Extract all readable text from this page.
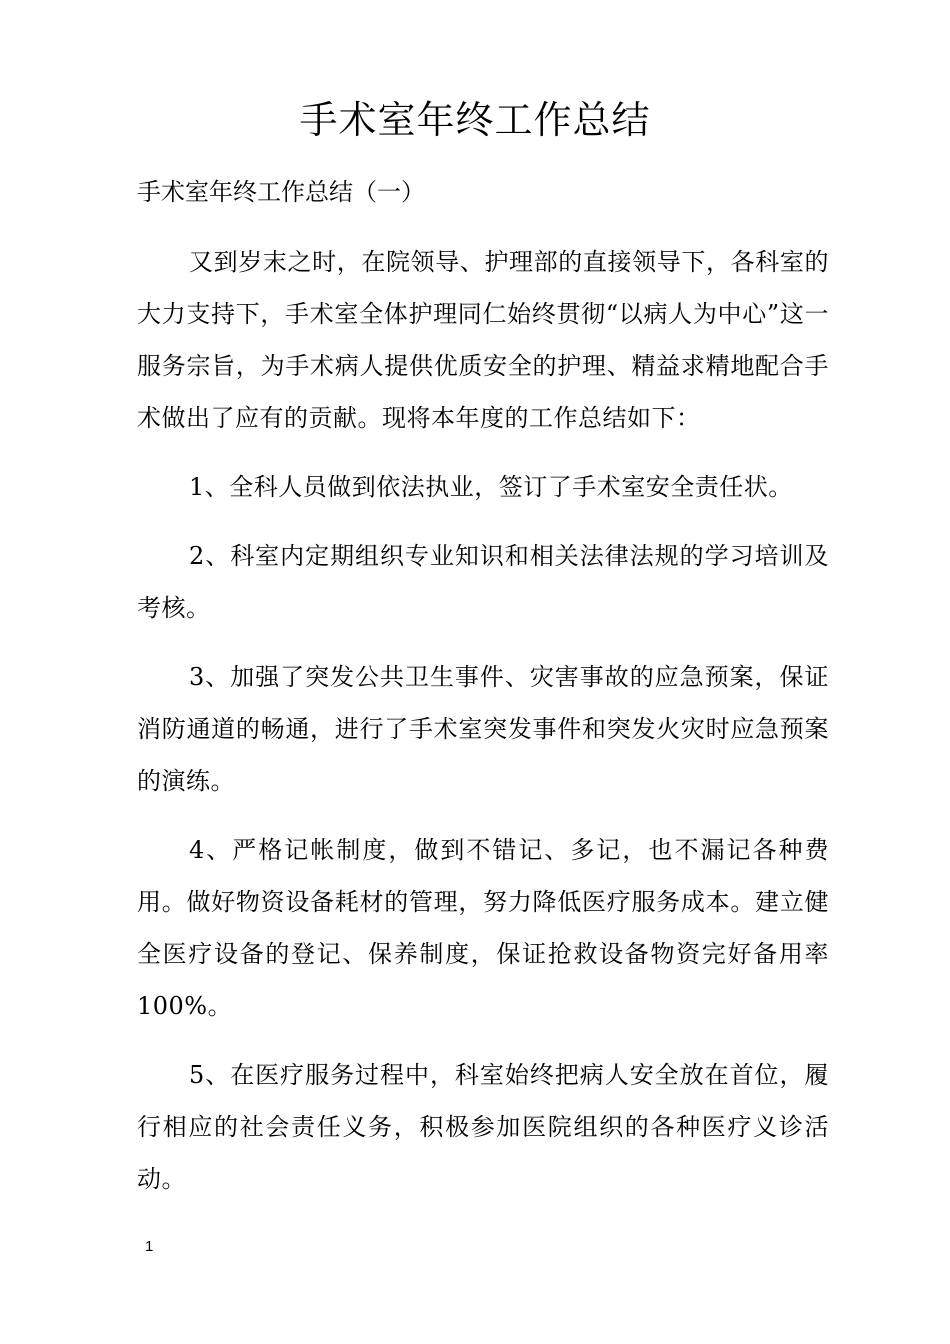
手术室年终工作总结

手术室年终工作总结（一）

又到岁末之时，在院领导、护理部的直接领导下，各科室的大力支持下，手术室全体护理同仁始终贯彻“以病人为中心”这一服务宗旨，为手术病人提供优质安全的护理、精益求精地配合手术做出了应有的贡献。现将本年度的工作总结如下：

1、全科人员做到依法执业，签订了手术室安全责任状。

2、科室内定期组织专业知识和相关法律法规的学习培训及考核。

3、加强了突发公共卫生事件、灾害事故的应急预案，保证消防通道的畅通，进行了手术室突发事件和突发火灾时应急预案的演练。

4、严格记帐制度，做到不错记、多记，也不漏记各种费用。做好物资设备耗材的管理，努力降低医疗服务成本。建立健全医疗设备的登记、保养制度，保证抢救设备物资完好备用率100%。

5、在医疗服务过程中，科室始终把病人安全放在首位，履行相应的社会责任义务，积极参加医院组织的各种医疗义诊活动。

1
